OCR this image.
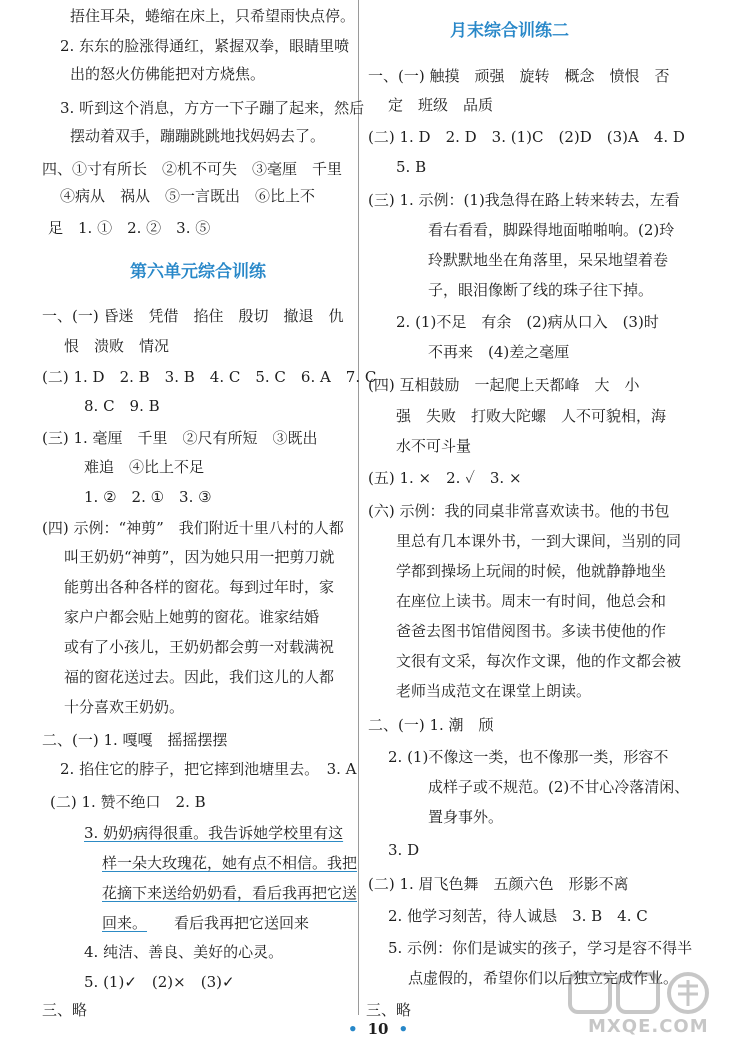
捂住耳朵，蜷缩在床上，只希望雨快点停。
2. 东东的脸涨得通红，紧握双拳，眼睛里喷
出的怒火仿佛能把对方烧焦。
3. 听到这个消息，方方一下子蹦了起来，然后
摆动着双手，蹦蹦跳跳地找妈妈去了。
四、①寸有所长　②机不可失　③毫厘　千里
④病从　祸从　⑤一言既出　⑥比上不
足　1. ①　2. ②　3. ⑤
第六单元综合训练
一、(一) 昏迷　凭借　掐住　殷切　撤退　仇
恨　溃败　情况
(二) 1. D　2. B　3. B　4. C　5. C　6. A　7. C
8. C　9. B
(三) 1. 毫厘　千里　②尺有所短　③既出
难追　④比上不足
1. ②　2. ①　3. ③
(四) 示例：“神剪”　我们附近十里八村的人都
叫王奶奶“神剪”，因为她只用一把剪刀就
能剪出各种各样的窗花。每到过年时，家
家户户都会贴上她剪的窗花。谁家结婚
或有了小孩儿，王奶奶都会剪一对载满祝
福的窗花送过去。因此，我们这儿的人都
十分喜欢王奶奶。
二、(一) 1. 嘎嘎　摇摇摆摆
2. 掐住它的脖子，把它摔到池塘里去。　3. A
(二) 1. 赞不绝口　2. B
3. 奶奶病得很重。我告诉她学校里有这
样一朵大玫瑰花，她有点不相信。我把
花摘下来送给奶奶看，看后我再把它送
回来。 看后我再把它送回来
4. 纯洁、善良、美好的心灵。
5. (1)✓　(2)×　(3)✓
三、略
月末综合训练二
一、(一) 触摸　顽强　旋转　概念　愤恨　否
定　班级　品质
(二) 1. D　2. D　3. (1)C　(2)D　(3)A　4. D
5. B
(三) 1. 示例：(1)我急得在路上转来转去，左看
看右看看，脚跺得地面啪啪响。(2)玲
玲默默地坐在角落里，呆呆地望着卷
子，眼泪像断了线的珠子往下掉。
2. (1)不足　有余　(2)病从口入　(3)时
不再来　(4)差之毫厘
(四) 互相鼓励　一起爬上天都峰　大　小
强　失败　打败大陀螺　人不可貌相，海
水不可斗量
(五) 1. ×　2. ✓　3. ×
(六) 示例：我的同桌非常喜欢读书。他的书包
里总有几本课外书，一到大课间，当别的同
学都到操场上玩闹的时候，他就静静地坐
在座位上读书。周末一有时间，他总会和
爸爸去图书馆借阅图书。多读书使他的作
文很有文采，每次作文课，他的作文都会被
老师当成范文在课堂上朗读。
二、(一) 1. 潮　颀
2. (1)不像这一类，也不像那一类，形容不
成样子或不规范。(2)不甘心冷落清闲、
置身事外。
3. D
(二) 1. 眉飞色舞　五颜六色　形影不离
2. 他学习刻苦，待人诚恳　3. B　4. C
5. 示例：你们是诚实的孩子，学习是容不得半
点虚假的，希望你们以后独立完成作业。
三、略
• 10 •	MXQE.COM
